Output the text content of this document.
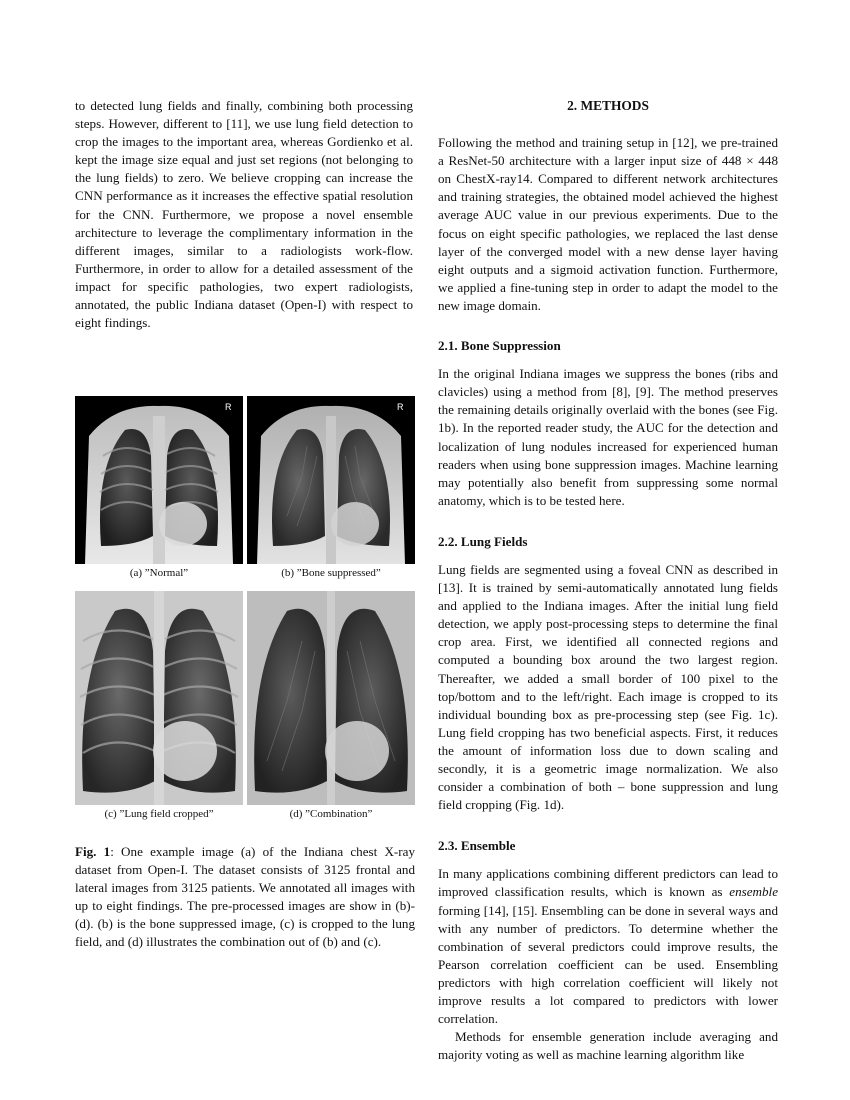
to detected lung fields and finally, combining both processing steps. However, different to [11], we use lung field detection to crop the images to the important area, whereas Gordienko et al. kept the image size equal and just set regions (not belonging to the lung fields) to zero. We believe cropping can increase the CNN performance as it increases the effective spatial resolution for the CNN. Furthermore, we propose a novel ensemble architecture to leverage the complimentary information in the different images, similar to a radiologists work-flow. Furthermore, in order to allow for a detailed assessment of the impact for specific pathologies, two expert radiologists, annotated, the public Indiana dataset (Open-I) with respect to eight findings.

R	R
(a) ”Normal”	(b) ”Bone suppressed”
(c) ”Lung field cropped”	(d) ”Combination”
Fig. 1: One example image (a) of the Indiana chest X-ray dataset from Open-I. The dataset consists of 3125 frontal and lateral images from 3125 patients. We annotated all images with up to eight findings. The pre-processed images are show in (b)-(d). (b) is the bone suppressed image, (c) is cropped to the lung field, and (d) illustrates the combination out of (b) and (c).
2. METHODS

Following the method and training setup in [12], we pre-trained a ResNet-50 architecture with a larger input size of 448 × 448 on ChestX-ray14. Compared to different network architectures and training strategies, the obtained model achieved the highest average AUC value in our previous experiments. Due to the focus on eight specific pathologies, we replaced the last dense layer of the converged model with a new dense layer having eight outputs and a sigmoid activation function. Furthermore, we applied a fine-tuning step in order to adapt the model to the new image domain.

2.1. Bone Suppression

In the original Indiana images we suppress the bones (ribs and clavicles) using a method from [8], [9]. The method preserves the remaining details originally overlaid with the bones (see Fig. 1b). In the reported reader study, the AUC for the detection and localization of lung nodules increased for experienced human readers when using bone suppression images. Machine learning may potentially also benefit from suppressing some normal anatomy, which is to be tested here.

2.2. Lung Fields

Lung fields are segmented using a foveal CNN as described in [13]. It is trained by semi-automatically annotated lung fields and applied to the Indiana images. After the initial lung field detection, we apply post-processing steps to determine the final crop area. First, we identified all connected regions and computed a bounding box around the two largest region. Thereafter, we added a small border of 100 pixel to the top/bottom and to the left/right. Each image is cropped to its individual bounding box as pre-processing step (see Fig. 1c). Lung field cropping has two beneficial aspects. First, it reduces the amount of information loss due to down scaling and secondly, it is a geometric image normalization. We also consider a combination of both – bone suppression and lung field cropping (Fig. 1d).

2.3. Ensemble

In many applications combining different predictors can lead to improved classification results, which is known as ensemble forming [14], [15]. Ensembling can be done in several ways and with any number of predictors. To determine whether the combination of several predictors could improve results, the Pearson correlation coefficient can be used. Ensembling predictors with high correlation coefficient will likely not improve results a lot compared to predictors with lower correlation.

Methods for ensemble generation include averaging and majority voting as well as machine learning algorithm like
